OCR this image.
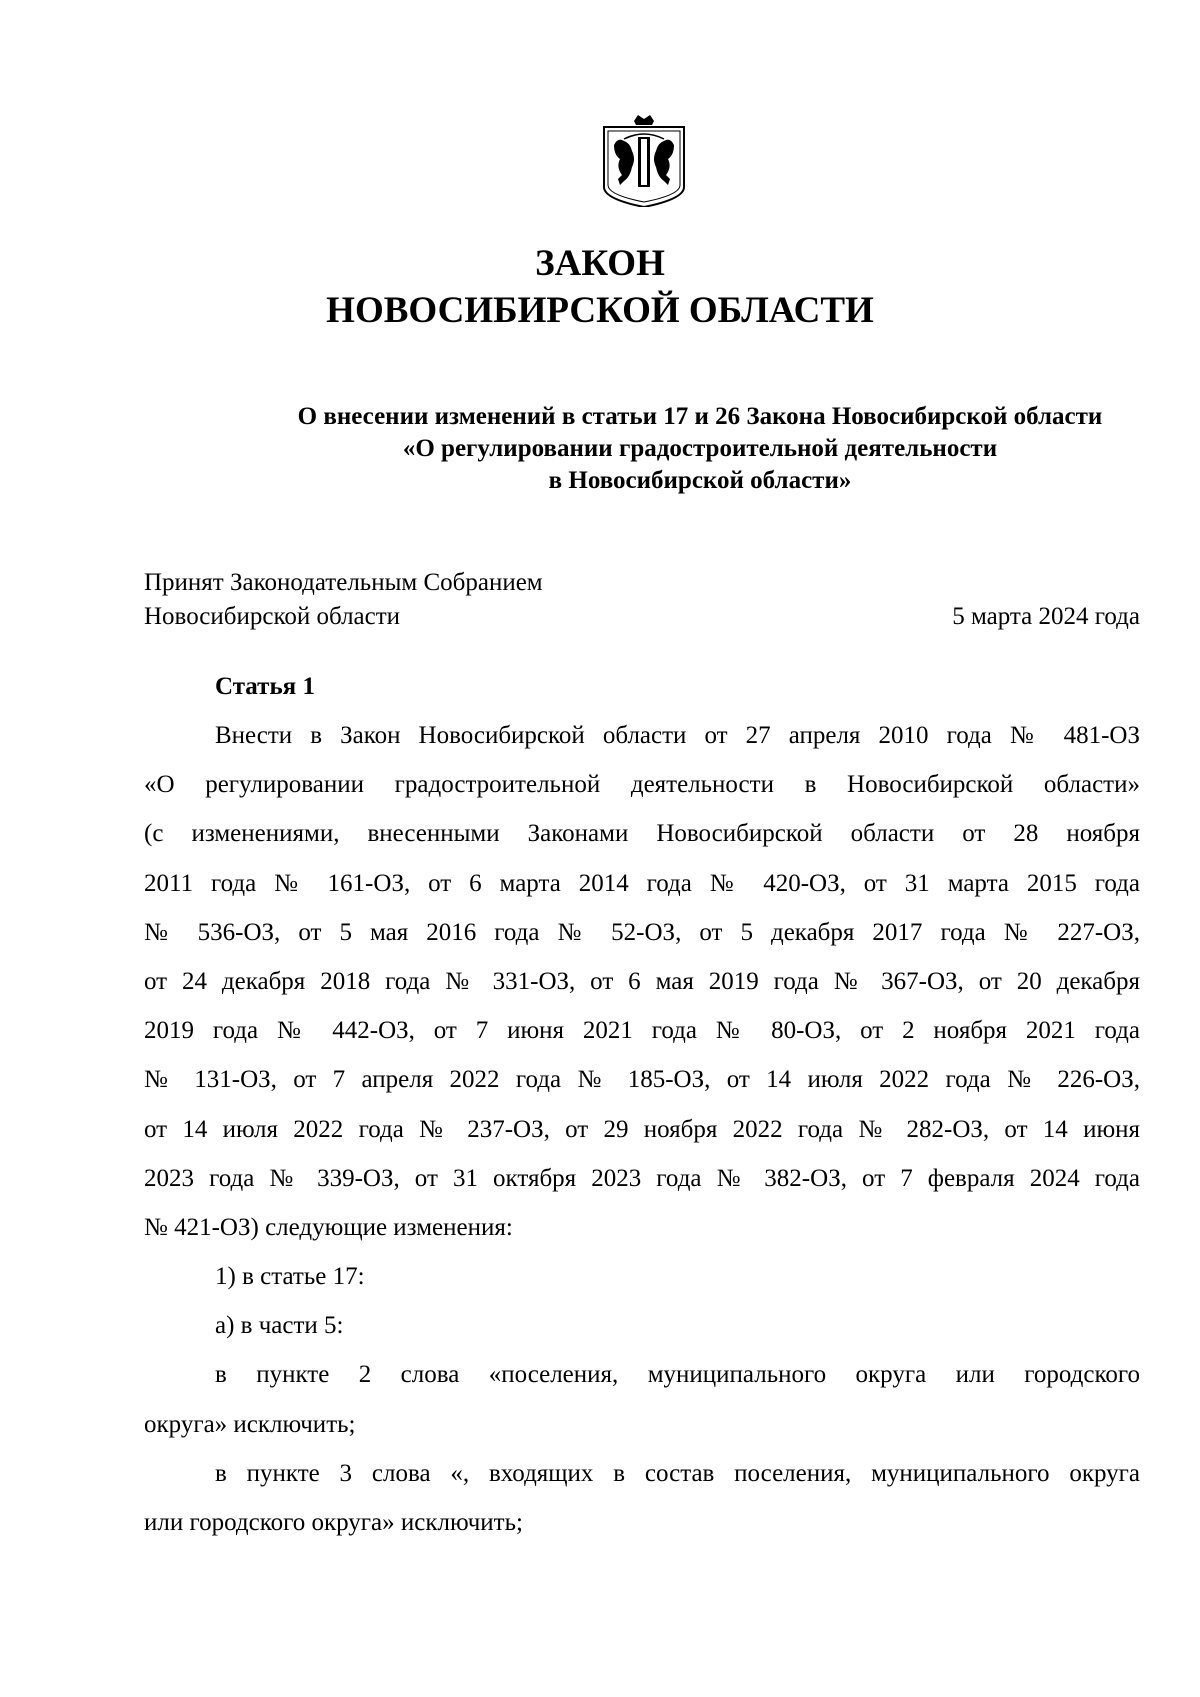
ЗАКОН
НОВОСИБИРСКОЙ ОБЛАСТИ
О внесении изменений в статьи 17 и 26 Закона Новосибирской области
«О регулировании градостроительной деятельности
в Новосибирской области»
Принят Законодательным Собранием
Новосибирской области	5 марта 2024 года
Статья 1
Внести в Закон Новосибирской области от 27 апреля 2010 года № 481-ОЗ
«О регулировании градостроительной деятельности в Новосибирской области»
(с изменениями, внесенными Законами Новосибирской области от 28 ноября
2011 года № 161-ОЗ, от 6 марта 2014 года № 420-ОЗ, от 31 марта 2015 года
№ 536-ОЗ, от 5 мая 2016 года № 52-ОЗ, от 5 декабря 2017 года № 227-ОЗ,
от 24 декабря 2018 года № 331-ОЗ, от 6 мая 2019 года № 367-ОЗ, от 20 декабря
2019 года № 442-ОЗ, от 7 июня 2021 года № 80-ОЗ, от 2 ноября 2021 года
№ 131-ОЗ, от 7 апреля 2022 года № 185-ОЗ, от 14 июля 2022 года № 226-ОЗ,
от 14 июля 2022 года № 237-ОЗ, от 29 ноября 2022 года № 282-ОЗ, от 14 июня
2023 года № 339-ОЗ, от 31 октября 2023 года № 382-ОЗ, от 7 февраля 2024 года
№ 421-ОЗ) следующие изменения:
1) в статье 17:
а) в части 5:
в пункте 2 слова «поселения, муниципального округа или городского
округа» исключить;
в пункте 3 слова «, входящих в состав поселения, муниципального округа
или городского округа» исключить;
